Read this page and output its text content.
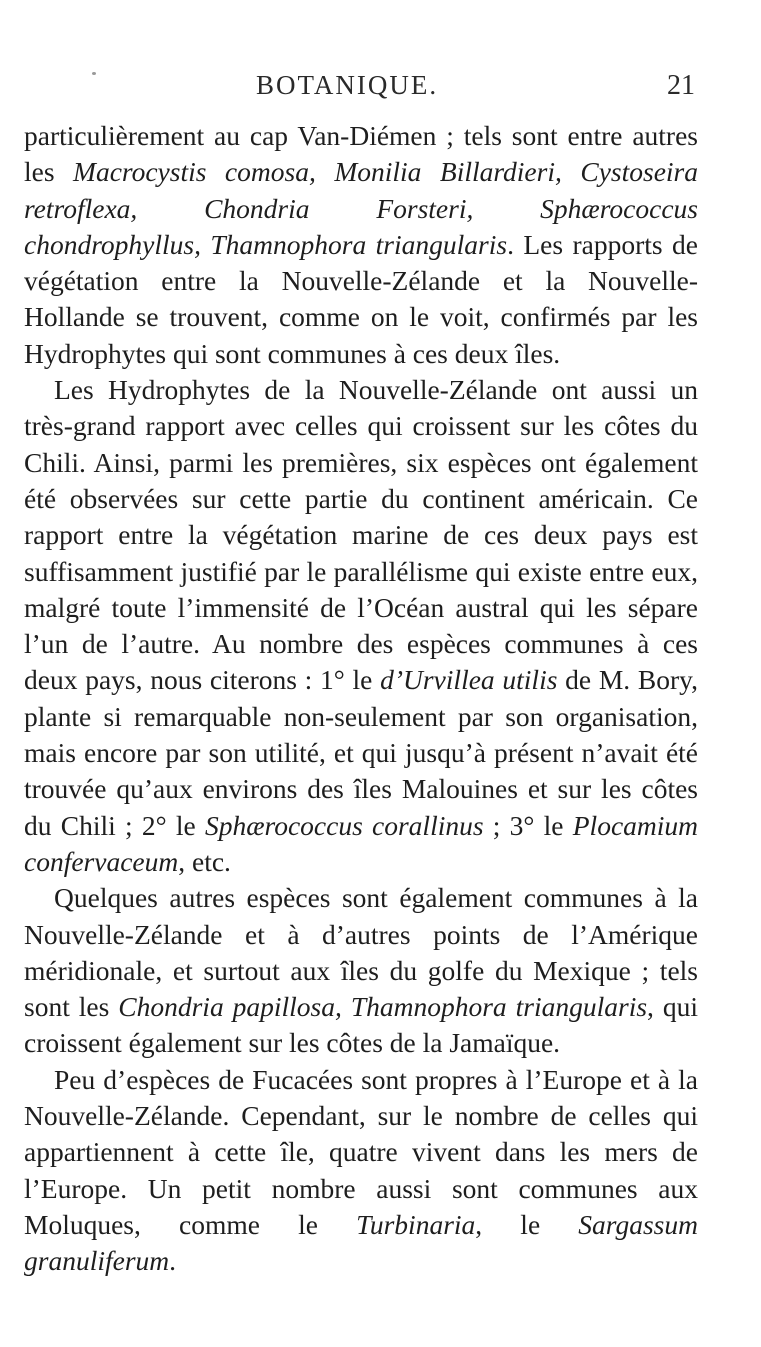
BOTANIQUE.	21

particulièrement au cap Van-Diémen ; tels sont entre autres les Macrocystis comosa, Monilia Billardieri, Cystoseira retroflexa, Chondria Forsteri, Sphærococcus chondrophyllus, Thamnophora triangularis. Les rapports de végétation entre la Nouvelle-Zélande et la Nouvelle-Hollande se trouvent, comme on le voit, confirmés par les Hydrophytes qui sont communes à ces deux îles.

Les Hydrophytes de la Nouvelle-Zélande ont aussi un très-grand rapport avec celles qui croissent sur les côtes du Chili. Ainsi, parmi les premières, six espèces ont également été observées sur cette partie du continent américain. Ce rapport entre la végétation marine de ces deux pays est suffisamment justifié par le parallélisme qui existe entre eux, malgré toute l’immensité de l’Océan austral qui les sépare l’un de l’autre. Au nombre des espèces communes à ces deux pays, nous citerons : 1° le d’Urvillea utilis de M. Bory, plante si remarquable non-seulement par son organisation, mais encore par son utilité, et qui jusqu’à présent n’avait été trouvée qu’aux environs des îles Malouines et sur les côtes du Chili ; 2° le Sphærococcus corallinus ; 3° le Plocamium confervaceum, etc.

Quelques autres espèces sont également communes à la Nouvelle-Zélande et à d’autres points de l’Amérique méridionale, et surtout aux îles du golfe du Mexique ; tels sont les Chondria papillosa, Thamnophora triangularis, qui croissent également sur les côtes de la Jamaïque.

Peu d’espèces de Fucacées sont propres à l’Europe et à la Nouvelle-Zélande. Cependant, sur le nombre de celles qui appartiennent à cette île, quatre vivent dans les mers de l’Europe. Un petit nombre aussi sont communes aux Moluques, comme le Turbinaria, le Sargassum granuliferum.
